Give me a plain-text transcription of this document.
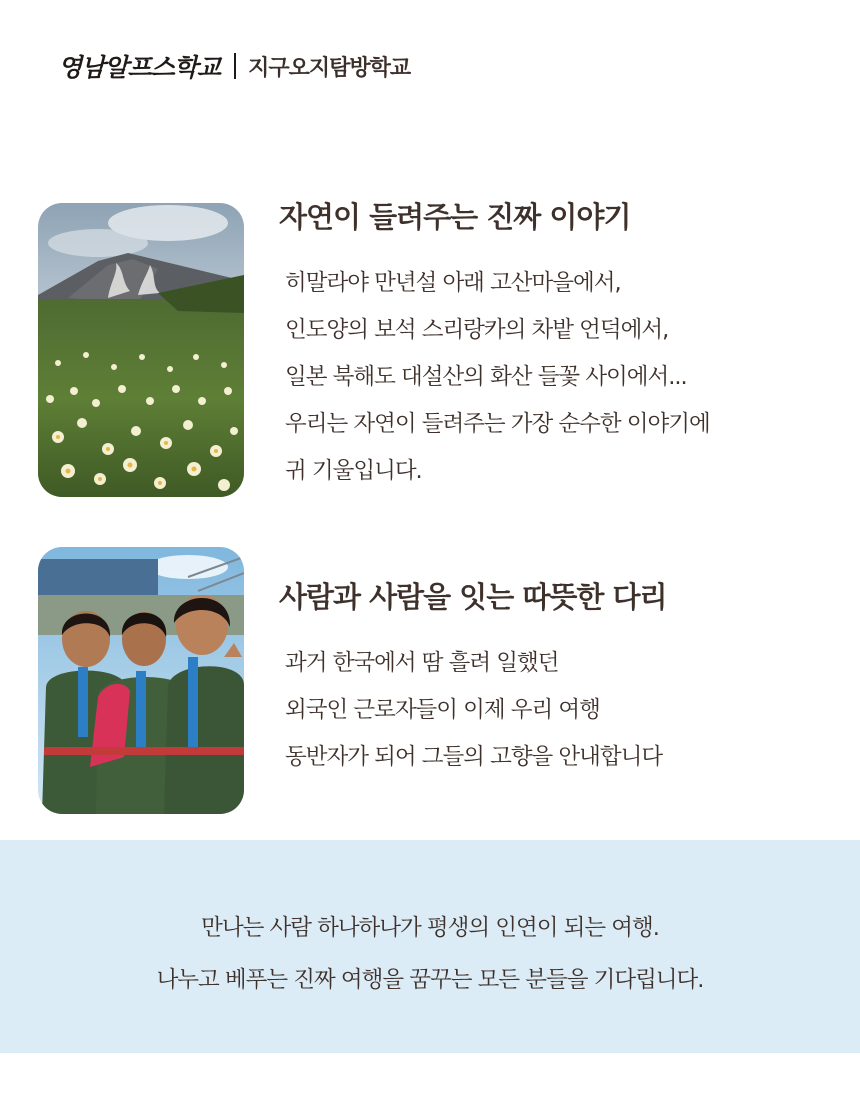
영남알프스학교 지구오지탐방학교
자연이 들려주는 진짜 이야기
히말라야 만년설 아래 고산마을에서,
인도양의 보석 스리랑카의 차밭 언덕에서,
일본 북해도 대설산의 화산 들꽃 사이에서...
우리는 자연이 들려주는 가장 순수한 이야기에
귀 기울입니다.
사람과 사람을 잇는 따뜻한 다리
과거 한국에서 땀 흘려 일했던
외국인 근로자들이 이제 우리 여행
동반자가 되어 그들의 고향을 안내합니다

만나는 사람 하나하나가 평생의 인연이 되는 여행.

나누고 베푸는 진짜 여행을 꿈꾸는 모든 분들을 기다립니다.
